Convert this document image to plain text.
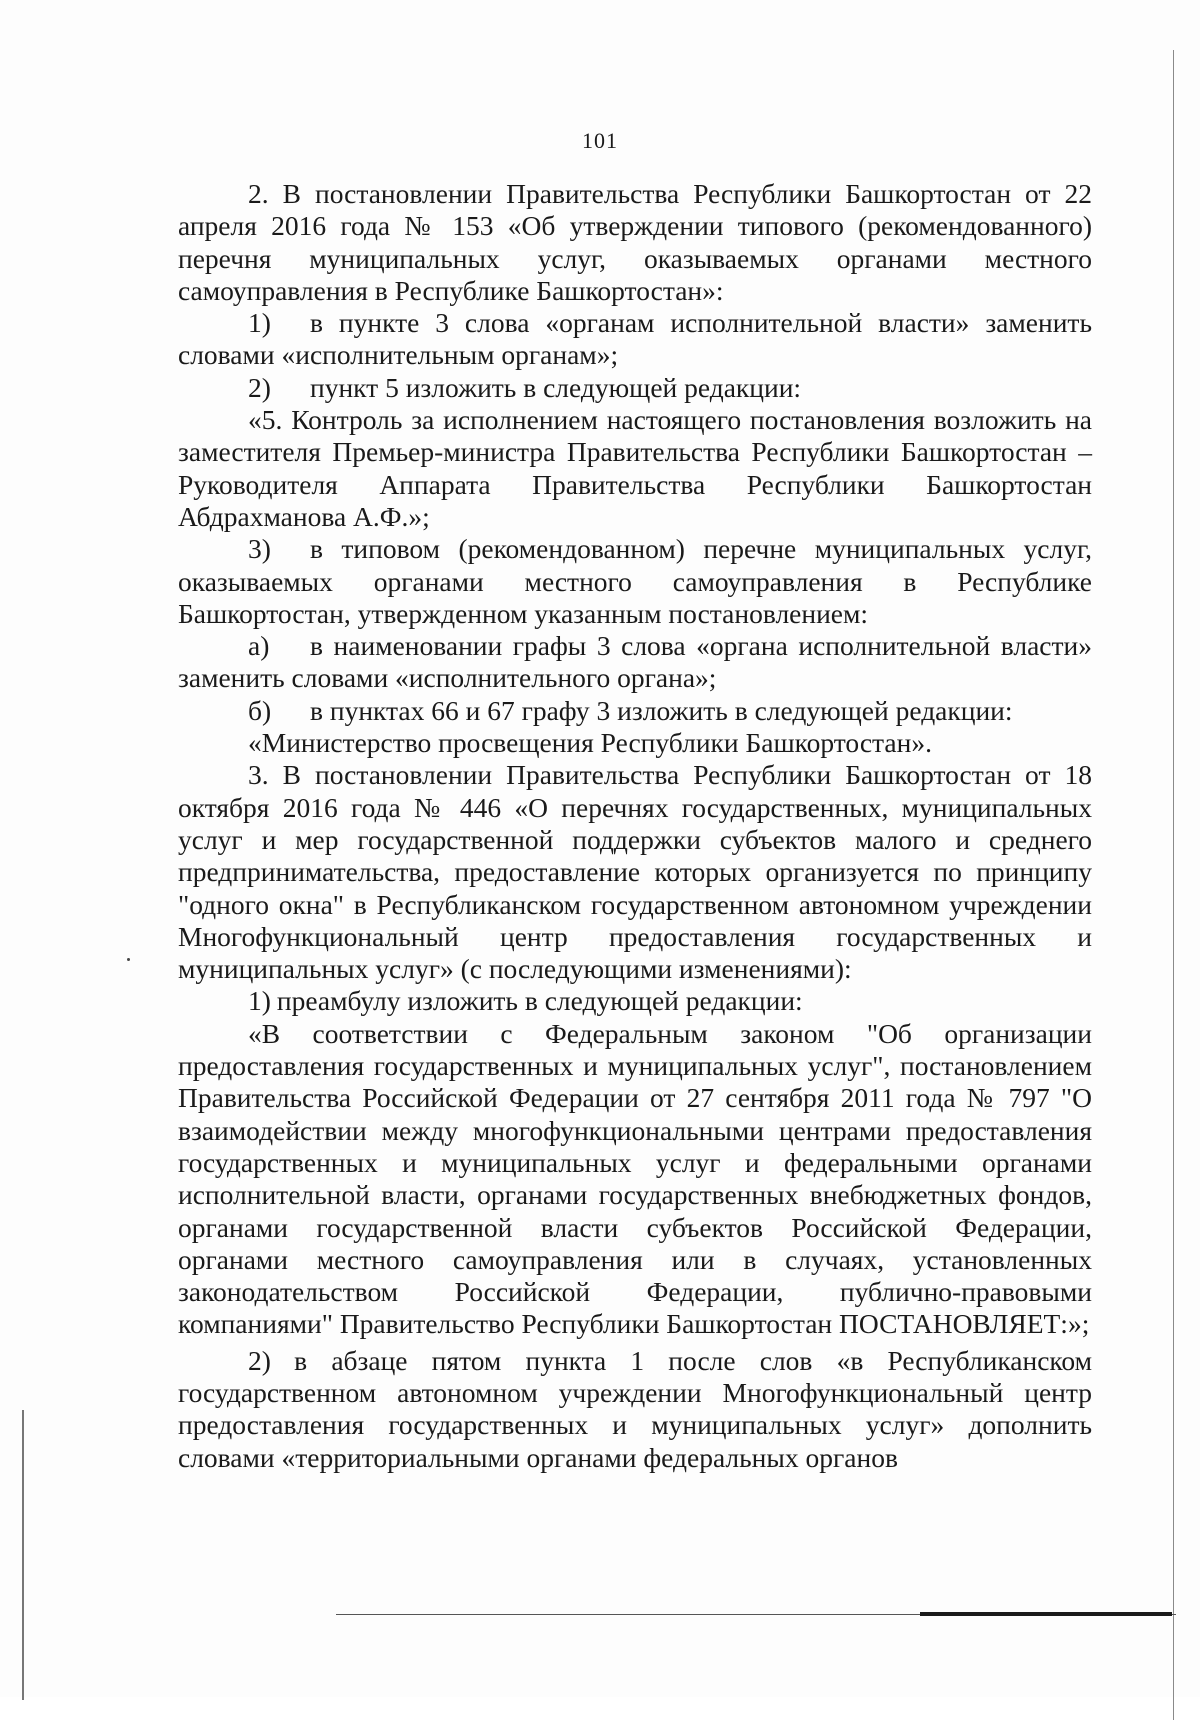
101

2. В постановлении Правительства Республики Башкортостан от 22 апреля 2016 года № 153 «Об утверждении типового (рекомендованного) перечня муниципальных услуг, оказываемых органами местного самоуправления в Республике Башкортостан»:

1) в пункте 3 слова «органам исполнительной власти» заменить словами «исполнительным органам»;

2) пункт 5 изложить в следующей редакции:

«5. Контроль за исполнением настоящего постановления возложить на заместителя Премьер-министра Правительства Республики Башкортостан – Руководителя Аппарата Правительства Республики Башкортостан Абдрахманова А.Ф.»;

3) в типовом (рекомендованном) перечне муниципальных услуг, оказываемых органами местного самоуправления в Республике Башкортостан, утвержденном указанным постановлением:

а) в наименовании графы 3 слова «органа исполнительной власти» заменить словами «исполнительного органа»;

б) в пунктах 66 и 67 графу 3 изложить в следующей редакции:

«Министерство просвещения Республики Башкортостан».

3. В постановлении Правительства Республики Башкортостан от 18 октября 2016 года № 446 «О перечнях государственных, муниципальных услуг и мер государственной поддержки субъектов малого и среднего предпринимательства, предоставление которых организуется по принципу "одного окна" в Республиканском государственном автономном учреждении Многофункциональный центр предоставления государственных и муниципальных услуг» (с последующими изменениями):

1) преамбулу изложить в следующей редакции:

«В соответствии с Федеральным законом "Об организации предоставления государственных и муниципальных услуг", постановлением Правительства Российской Федерации от 27 сентября 2011 года № 797 "О взаимодействии между многофункциональными центрами предоставления государственных и муниципальных услуг и федеральными органами исполнительной власти, органами государственных внебюджетных фондов, органами государственной власти субъектов Российской Федерации, органами местного самоуправления или в случаях, установленных законодательством Российской Федерации, публично-правовыми компаниями" Правительство Республики Башкортостан ПОСТАНОВЛЯЕТ:»;

2) в абзаце пятом пункта 1 после слов «в Республиканском государственном автономном учреждении Многофункциональный центр предоставления государственных и муниципальных услуг» дополнить словами «территориальными органами федеральных органов
